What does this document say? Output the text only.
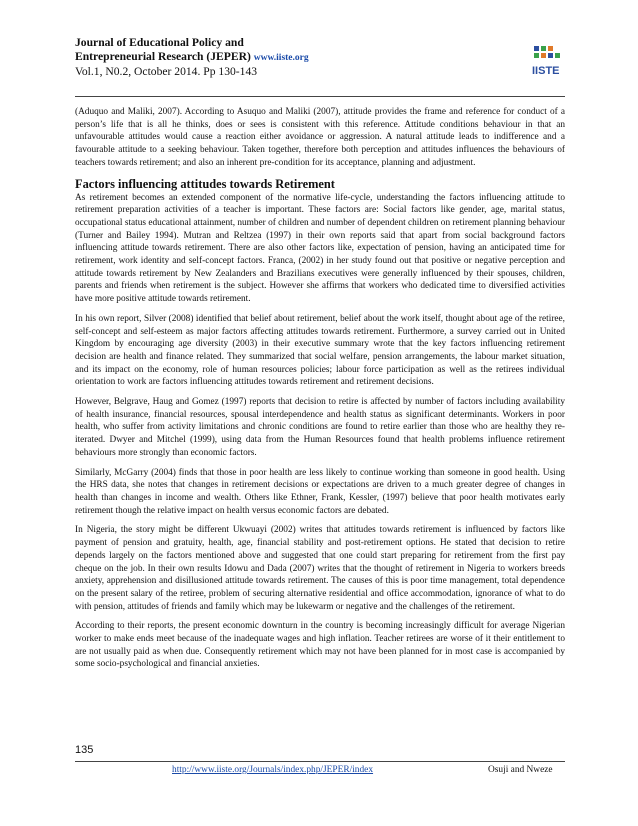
Journal of Educational Policy and
Entrepreneurial Research (JEPER) www.iiste.org
Vol.1, N0.2, October 2014. Pp 130-143	IISTE

(Aduquo and Maliki, 2007). According to Asuquo and Maliki (2007), attitude provides the frame and reference for conduct of a person’s life that is all he thinks, does or sees is consistent with this reference. Attitude conditions behaviour in that an unfavourable attitudes would cause a reaction either avoidance or aggression. A natural attitude leads to indifference and a favourable attitude to a seeking behaviour. Taken together, therefore both perception and attitudes influences the behaviours of teachers towards retirement; and also an inherent pre-condition for its acceptance, planning and adjustment.

Factors influencing attitudes towards Retirement

As retirement becomes an extended component of the normative life-cycle, understanding the factors influencing attitude to retirement preparation activities of a teacher is important. These factors are: Social factors like gender, age, marital status, occupational status educational attainment, number of children and number of dependent children on retirement planning behaviour (Turner and Bailey 1994). Mutran and Reltzea (1997) in their own reports said that apart from social background factors influencing attitude towards retirement. There are also other factors like, expectation of pension, having an anticipated time for retirement, work identity and self-concept factors. Franca, (2002) in her study found out that positive or negative perception and attitude towards retirement by New Zealanders and Brazilians executives were generally influenced by their spouses, children, parents and friends when retirement is the subject. However she affirms that workers who dedicated time to diversified activities have more positive attitude towards retirement.

In his own report, Silver (2008) identified that belief about retirement, belief about the work itself, thought about age of the retiree, self-concept and self-esteem as major factors affecting attitudes towards retirement. Furthermore, a survey carried out in United Kingdom by encouraging age diversity (2003) in their executive summary wrote that the key factors influencing retirement decision are health and finance related. They summarized that social welfare, pension arrangements, the labour market situation, and its impact on the economy, role of human resources policies; labour force participation as well as the retirees individual orientation to work are factors influencing attitudes towards retirement and retirement decisions.

However, Belgrave, Haug and Gomez (1997) reports that decision to retire is affected by number of factors including availability of health insurance, financial resources, spousal interdependence and health status as significant determinants. Workers in poor health, who suffer from activity limitations and chronic conditions are found to retire earlier than those who are healthy they re-iterated. Dwyer and Mitchel (1999), using data from the Human Resources found that health problems influence retirement behaviours more strongly than economic factors.

Similarly, McGarry (2004) finds that those in poor health are less likely to continue working than someone in good health. Using the HRS data, she notes that changes in retirement decisions or expectations are driven to a much greater degree of changes in health than changes in income and wealth. Others like Ethner, Frank, Kessler, (1997) believe that poor health motivates early retirement though the relative impact on health versus economic factors are debated.

In Nigeria, the story might be different Ukwuayi (2002) writes that attitudes towards retirement is influenced by factors like payment of pension and gratuity, health, age, financial stability and post-retirement options. He stated that decision to retire depends largely on the factors mentioned above and suggested that one could start preparing for retirement from the first pay cheque on the job. In their own results Idowu and Dada (2007) writes that the thought of retirement in Nigeria to workers breeds anxiety, apprehension and disillusioned attitude towards retirement. The causes of this is poor time management, total dependence on the present salary of the retiree, problem of securing alternative residential and office accommodation, ignorance of what to do with pension, attitudes of friends and family which may be lukewarm or negative and the challenges of the retirement.

According to their reports, the present economic downturn in the country is becoming increasingly difficult for average Nigerian worker to make ends meet because of the inadequate wages and high inflation. Teacher retirees are worse of it their entitlement to are not usually paid as when due. Consequently retirement which may not have been planned for in most case is accompanied by some socio-psychological and financial anxieties.

135
http://www.iiste.org/Journals/index.php/JEPER/index	Osuji and Nweze
